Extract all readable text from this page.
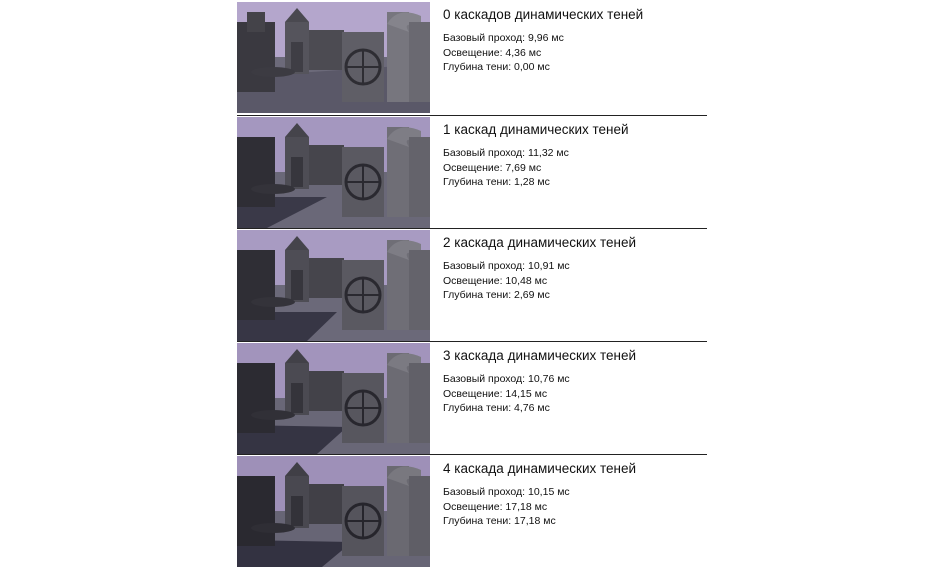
0 каскадов динамических теней
Базовый проход: 9,96 мс
Освещение: 4,36 мс
Глубина тени: 0,00 мс
1 каскад динамических теней
Базовый проход: 11,32 мс
Освещение: 7,69 мс
Глубина тени: 1,28 мс
2 каскада динамических теней
Базовый проход: 10,91 мс
Освещение: 10,48 мс
Глубина тени: 2,69 мс
3 каскада динамических теней
Базовый проход: 10,76 мс
Освещение: 14,15 мс
Глубина тени: 4,76 мс
4 каскада динамических теней
Базовый проход: 10,15 мс
Освещение: 17,18 мс
Глубина тени: 17,18 мс
